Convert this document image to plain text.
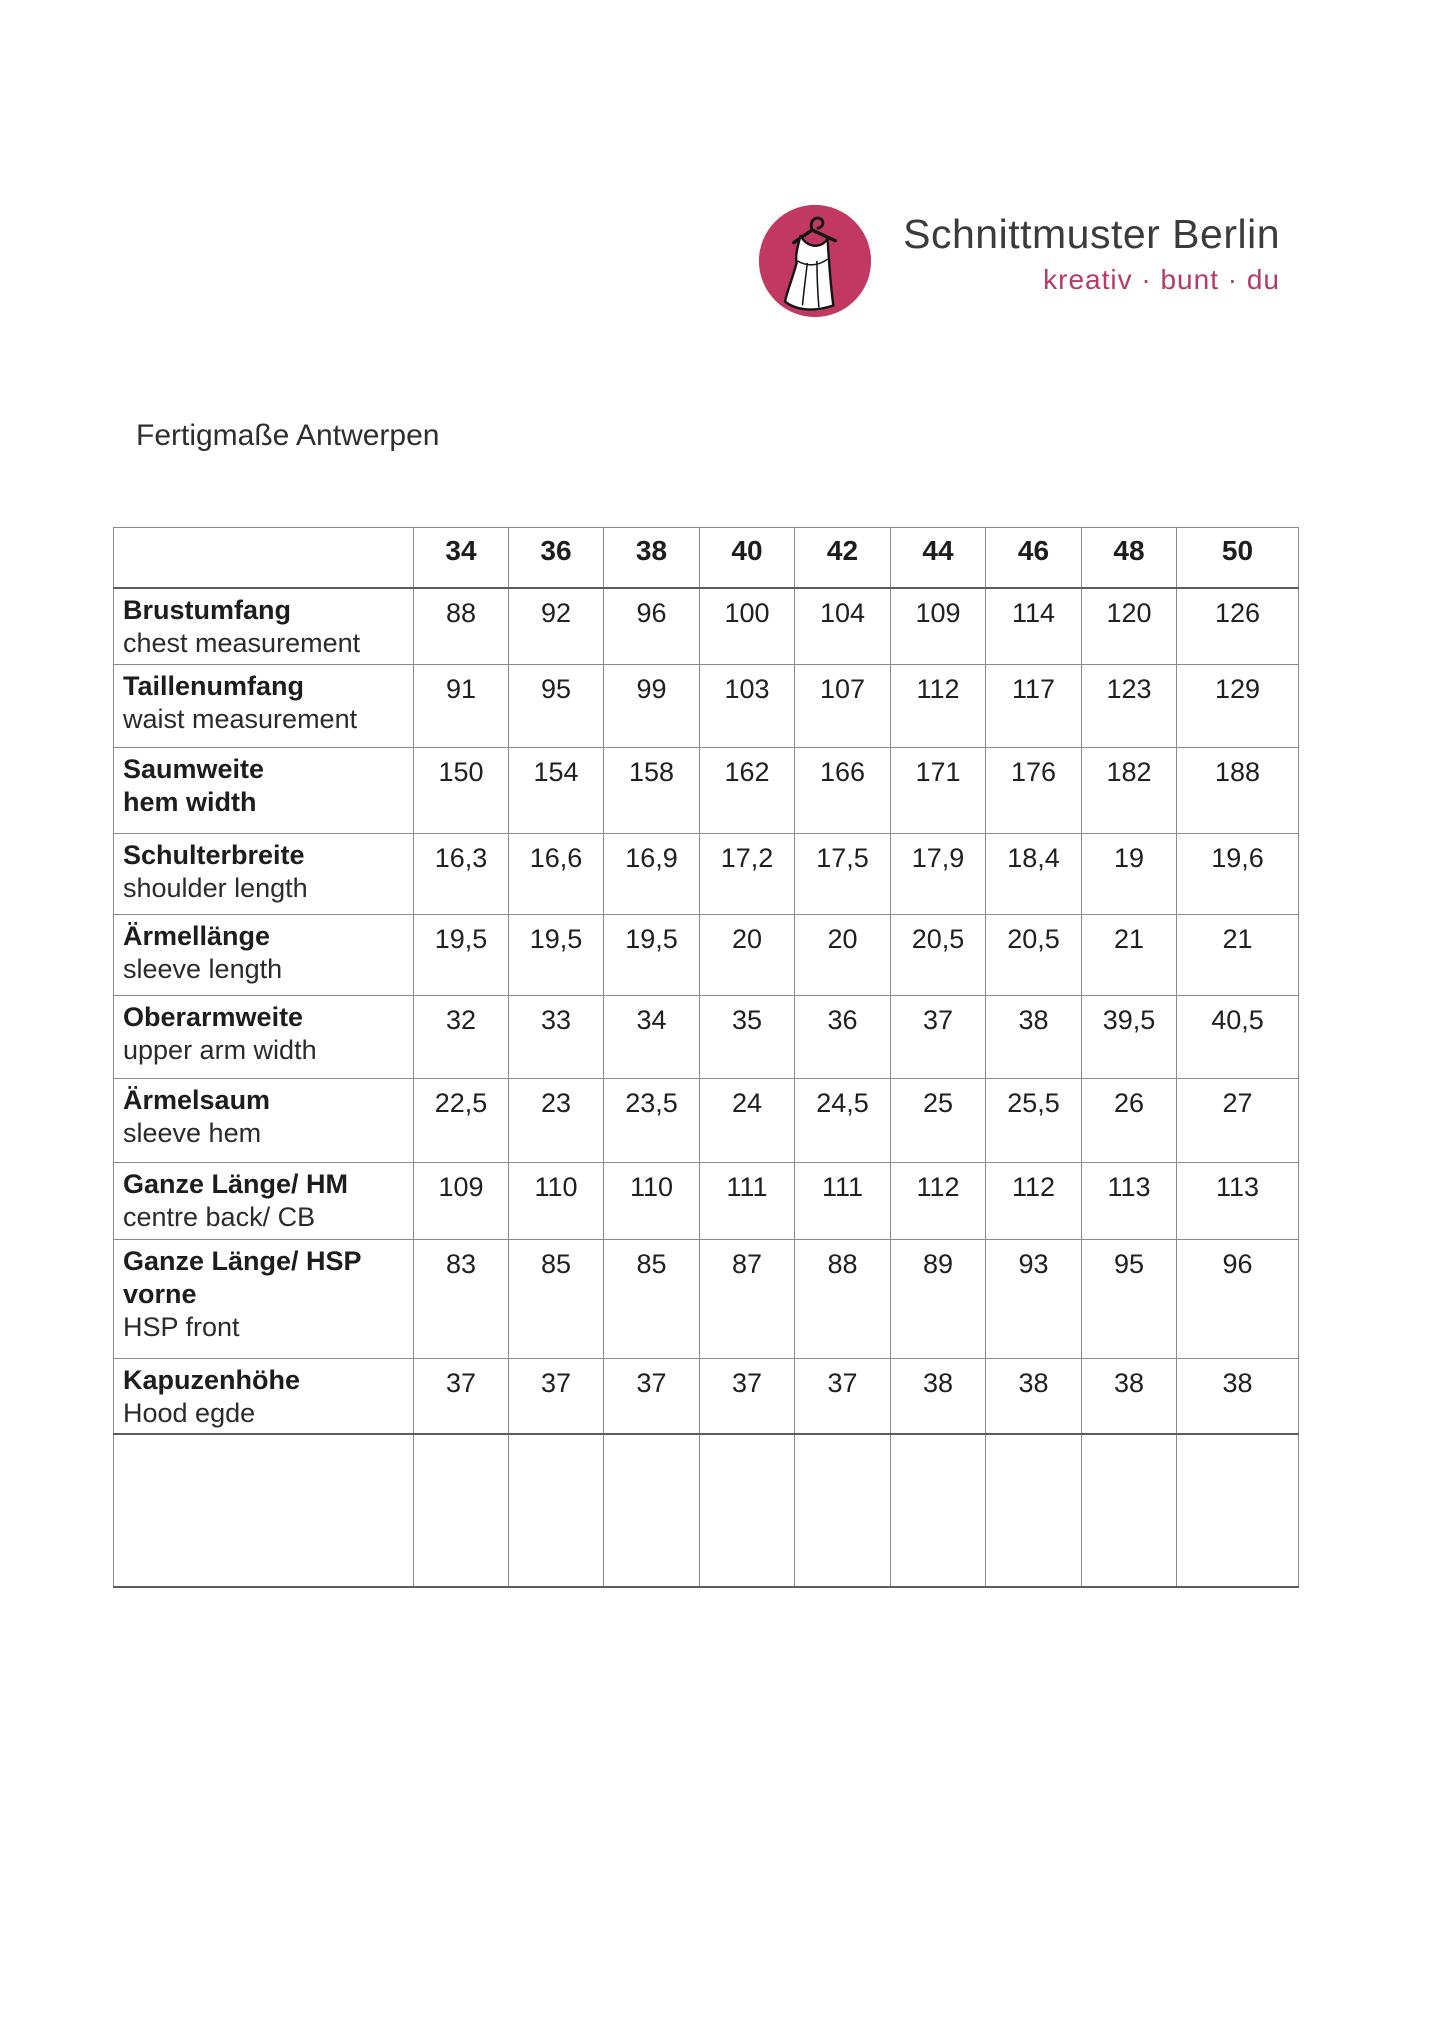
Schnittmuster Berlin
kreativ · bunt · du
Fertigmaße Antwerpen
	34	36	38	40	42	44	46	48	50

Brustumfang
chest measurement	88	92	96	100	104	109	114	120	126

Taillenumfang
waist measurement	91	95	99	103	107	112	117	123	129

Saumweite
hem width	150	154	158	162	166	171	176	182	188

Schulterbreite
shoulder length	16,3	16,6	16,9	17,2	17,5	17,9	18,4	19	19,6

Ärmellänge
sleeve length	19,5	19,5	19,5	20	20	20,5	20,5	21	21

Oberarmweite
upper arm width	32	33	34	35	36	37	38	39,5	40,5

Ärmelsaum
sleeve hem	22,5	23	23,5	24	24,5	25	25,5	26	27

Ganze Länge/ HM
centre back/ CB	109	110	110	111	111	112	112	113	113

Ganze Länge/ HSP
vorne
HSP front	83	85	85	87	88	89	93	95	96

Kapuzenhöhe
Hood egde	37	37	37	37	37	38	38	38	38
